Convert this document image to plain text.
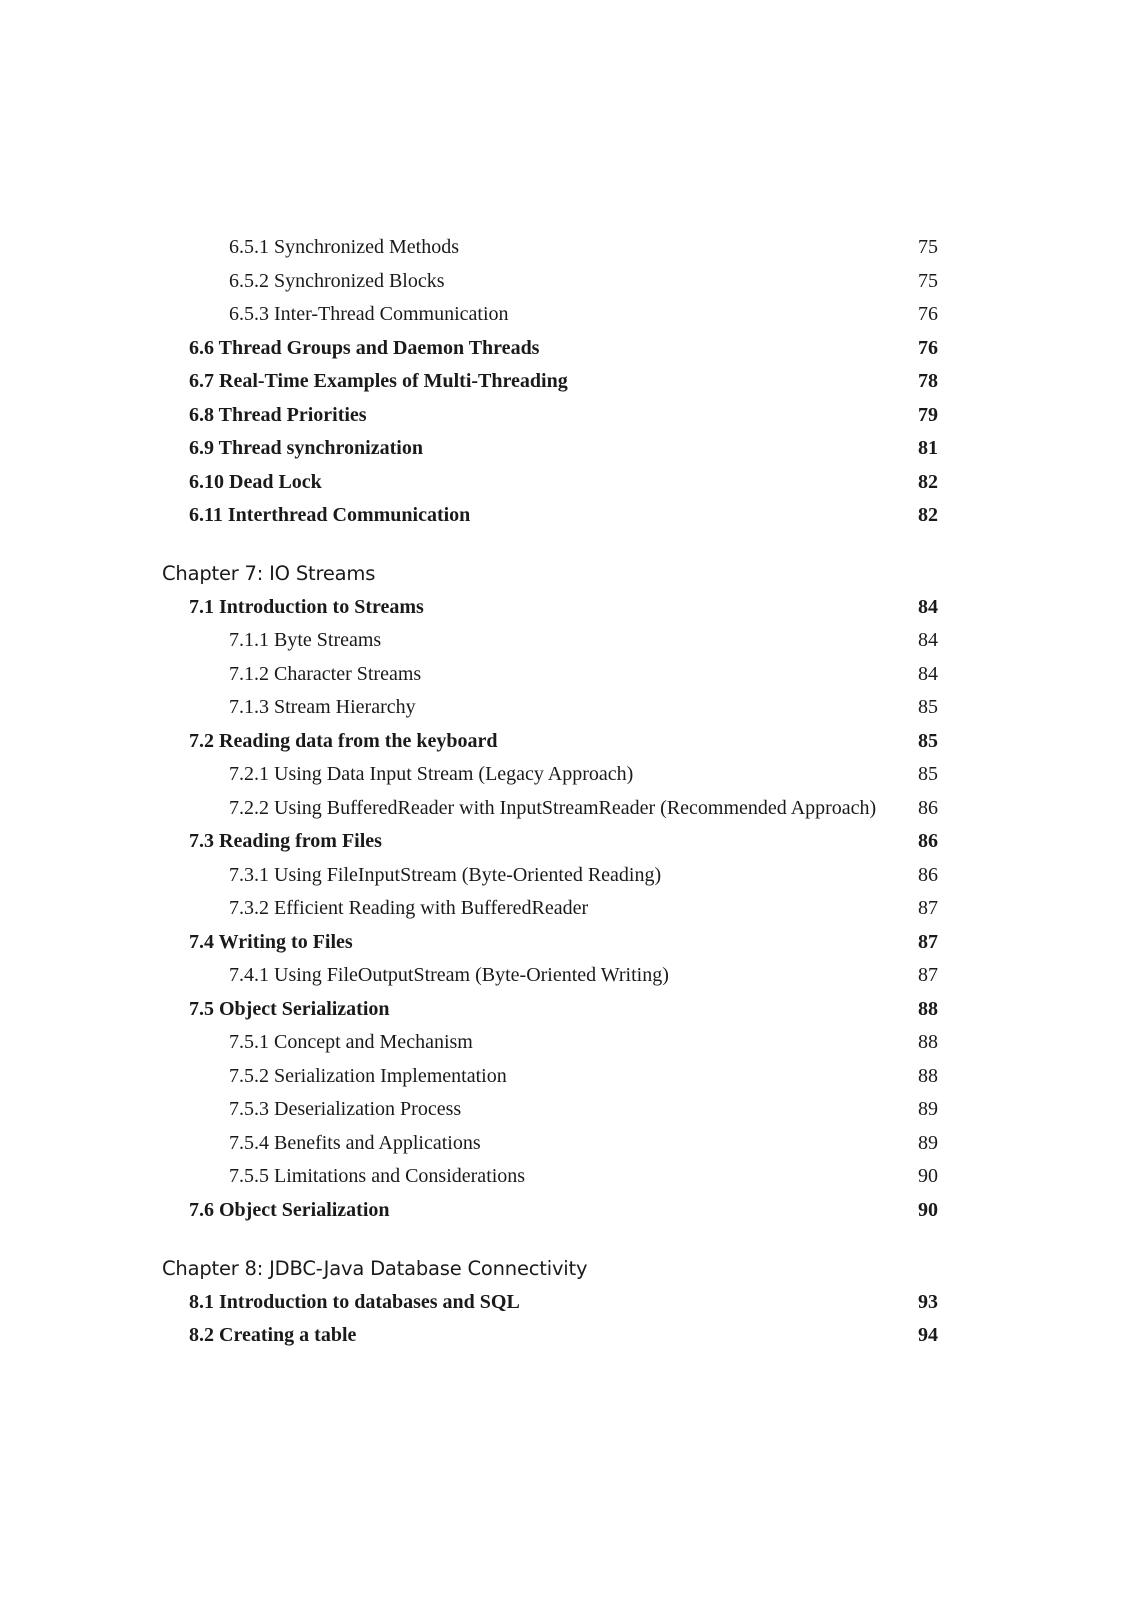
6.5.1 Synchronized Methods	75
6.5.2 Synchronized Blocks	75
6.5.3 Inter-Thread Communication	76
6.6 Thread Groups and Daemon Threads	76
6.7 Real-Time Examples of Multi-Threading	78
6.8 Thread Priorities	79
6.9 Thread synchronization	81
6.10 Dead Lock	82
6.11 Interthread Communication	82
Chapter 7: IO Streams
7.1 Introduction to Streams	84
7.1.1 Byte Streams	84
7.1.2 Character Streams	84
7.1.3 Stream Hierarchy	85
7.2 Reading data from the keyboard	85
7.2.1 Using Data Input Stream (Legacy Approach)	85
7.2.2 Using BufferedReader with InputStreamReader (Recommended Approach) 86
7.3 Reading from Files	86
7.3.1 Using FileInputStream (Byte-Oriented Reading)	86
7.3.2 Efficient Reading with BufferedReader	87
7.4 Writing to Files	87
7.4.1 Using FileOutputStream (Byte-Oriented Writing)	87
7.5 Object Serialization	88
7.5.1 Concept and Mechanism	88
7.5.2 Serialization Implementation	88
7.5.3 Deserialization Process	89
7.5.4 Benefits and Applications	89
7.5.5 Limitations and Considerations	90
7.6 Object Serialization	90
Chapter 8: JDBC-Java Database Connectivity
8.1 Introduction to databases and SQL	93
8.2 Creating a table	94
